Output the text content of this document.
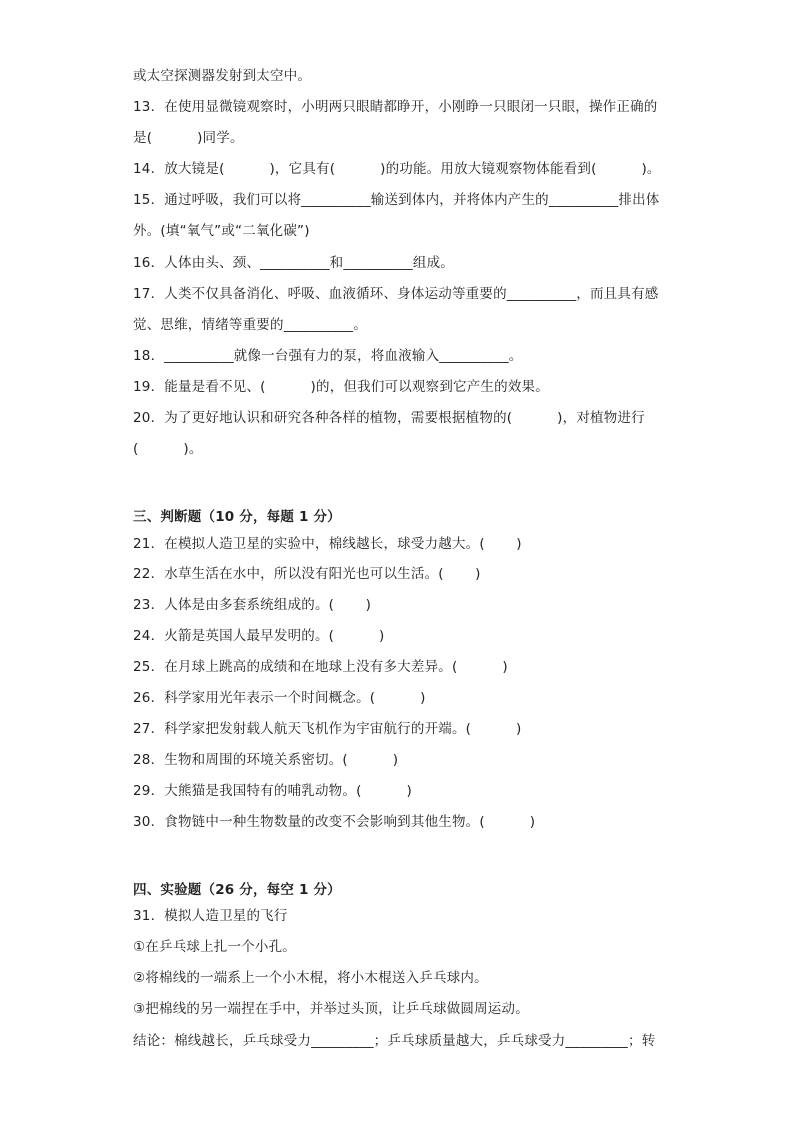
或太空探测器发射到太空中。
13．在使用显微镜观察时，小明两只眼睛都睁开，小刚睁一只眼闭一只眼，操作正确的
是(          )同学。
14．放大镜是(          )，它具有(          )的功能。用放大镜观察物体能看到(          )。
15．通过呼吸，我们可以将__________输送到体内，并将体内产生的__________排出体
外。(填“氧气”或“二氧化碳”)
16．人体由头、颈、__________和__________组成。
17．人类不仅具备消化、呼吸、血液循环、身体运动等重要的__________，而且具有感
觉、思维，情绪等重要的__________。
18．__________就像一台强有力的泵，将血液输入__________。
19．能量是看不见、(          )的，但我们可以观察到它产生的效果。
20．为了更好地认识和研究各种各样的植物，需要根据植物的(          )，对植物进行
(          )。
三、判断题（10 分，每题 1 分）
21．在模拟人造卫星的实验中，棉线越长，球受力越大。(       )
22．水草生活在水中，所以没有阳光也可以生活。(       )
23．人体是由多套系统组成的。(       )
24．火箭是英国人最早发明的。(          )
25．在月球上跳高的成绩和在地球上没有多大差异。(          )
26．科学家用光年表示一个时间概念。(          )
27．科学家把发射载人航天飞机作为宇宙航行的开端。(          )
28．生物和周围的环境关系密切。(          )
29．大熊猫是我国特有的哺乳动物。(          )
30．食物链中一种生物数量的改变不会影响到其他生物。(          )
四、实验题（26 分，每空 1 分）
31．模拟人造卫星的飞行
①在乒乓球上扎一个小孔。
②将棉线的一端系上一个小木棍，将小木棍送入乒乓球内。
③把棉线的另一端捏在手中，并举过头顶，让乒乓球做圆周运动。
结论：棉线越长，乒乓球受力_________；乒乓球质量越大，乒乓球受力_________；转
